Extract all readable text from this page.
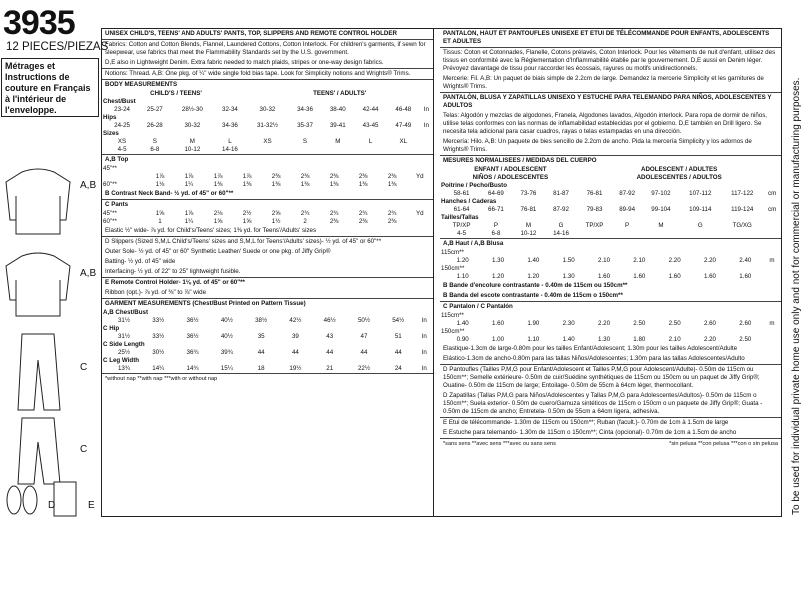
3935
12 PIECES/PIEZAS
Métrages et Instructions de couture en Français à l'intérieur de l'enveloppe.
A,B
A,B
C
C
D	E
UNISEX CHILD'S, TEENS' AND ADULTS' PANTS, TOP, SLIPPERS AND REMOTE CONTROL HOLDER
Fabrics: Cotton and Cotton Blends, Flannel, Laundered Cottons, Cotton Interlock. For children's garments, if sewn for sleepwear, use fabrics that meet the Flammability Standards set by the U.S. government.
D,E also in Lightweight Denim. Extra fabric needed to match plaids, stripes or one-way design fabrics.
Notions: Thread. A,B: One pkg. of ¼" wide single fold bias tape. Look for Simplicity notions and Wrights® Trims.
BODY MEASUREMENTS
	CHILD'S / TEENS'				TEENS' / ADULTS'					
Chest/Bust										
	23-24	25-27	28½-30	32-34	30-32	34-36	38-40	42-44	46-48	In
Hips										
	24-25	26-28	30-32	34-36	31-32½	35-37	39-41	43-45	47-49	In
Sizes										
	XS	S	M	L	XS	S	M	L	XL	
	4-5	6-8	10-12	14-16						
A,B Top
45"**										
	1⅞	1⅞	1⅞	1⅞	2⅜	2⅜	2⅜	2⅜	2⅜	Yd
60"**	1⅛	1¼	1⅜	1⅜	1⅜	1⅜	1⅜	1⅜	1⅜	
B Contrast Neck Band- ½ yd. of 45" or 60"**
C Pants
45"**	1⅝	1⅞	2⅛	2½	2⅝	2¾	2¾	2¾	2¾	Yd
60"**	1	1¼	1⅝	1⅝	1½	2	2⅜	2⅜	2⅜	
Elastic ½" wide- ⅞ yd. for Child's/Teens' sizes; 1⅜ yd. for Teens'/Adults' sizes
D Slippers (Sized S,M,L Child's/Teens' sizes and S,M,L for Teens'/Adults' sizes)- ½ yd. of 45" or 60"**
Outer Sole- ½ yd. of 45" or 60" Synthetic Leather/ Suede or one pkg. of Jiffy Grip®
Batting- ½ yd. of 45" wide
Interfacing- ½ yd. of 22" to 25" lightweight fusible.
E Remote Control Holder- 1⅛ yd. of 45" or 60"**
Ribbon (opt.)- ⅞ yd. of ⅜" to ⅞" wide
GARMENT MEASUREMENTS (Chest/Bust Printed on Pattern Tissue)
A,B Chest/Bust										
	31½	33½	36½	40½	38½	42½	46½	50½	54½	In
C Hip										
	31½	33½	36½	40½	35	39	43	47	51	In
C Side Length										
	25½	30½	36¾	39¾	44	44	44	44	44	In
C Leg Width										
	13¾	14¼	14¾	15¼	18	19½	21	22½	24	In
*without nap **with nap ***with or without nap
PANTALON, HAUT ET PANTOUFLES UNISEXE ET ETUI DE TÉLÉCOMMANDE POUR ENFANTS, ADOLESCENTS ET ADULTES
Tissus: Coton et Cotonnades, Flanelle, Cotons prélavés, Coton Interlock. Pour les vêtements de nuit d'enfant, utilisez des tissus en conformité avec la Réglementation d'Inflammabilité établie par le gouvernement. D,E aussi en Denim léger. Prévoyez davantage de tissu pour raccorder les écossais, rayures ou motifs unidirectionnels.
Mercerie: Fil. A,B: Un paquet de biais simple de 2.2cm de large. Demandez la mercerie Simplicity et les garnitures de Wrights® Trims.
PANTALÓN, BLUSA Y ZAPATILLAS UNISEXO Y ESTUCHE PARA TELEMANDO PARA NIÑOS, ADOLESCENTES Y ADULTOS
Telas: Algodón y mezclas de algodones, Franela, Algodones lavados, Algodón interlock. Para ropa de dormir de niños, utilise telas conformes con las normas de inflamabilidad establecidas por el gobierno. D,E también en Drill ligero. Se necesita tela adicional para casar cuadros, rayas o telas estampadas en una dirección.
Mercería: Hilo. A,B: Un paquete de bies sencillo de 2.2cm de ancho. Pida la mercería Simplicity y los adornos de Wrights® Trims.
MESURES NORMALISEES / MEDIDAS DEL CUERPO
	ENFANT / ADOLESCENT				ADOLESCENT / ADULTES					
	NIÑOS / ADOLESCENTES				ADOLESCENTES / ADULTOS					
Poitrine / Pecho/Busto										
	58-61	64-69	73-76	81-87	76-81	87-92	97-102	107-112	117-122	cm
Hanches / Caderas										
	61-64	66-71	76-81	87-92	79-83	89-94	99-104	109-114	119-124	cm
Tailles/Tallas										
	TP/XP	P	M	G	TP/XP	P	M	G	TG/XG	
	4-5	6-8	10-12	14-16						
A,B Haut / A,B Blusa
115cm**										
	1.20	1.30	1.40	1.50	2.10	2.10	2.20	2.20	2.40	m
150cm**										
	1.10	1.20	1.20	1.30	1.60	1.60	1.60	1.60	1.60	
B Bande d'encolure contrastante - 0.40m de 115cm ou 150cm**
B Banda del escote contrastante - 0.40m de 115cm o 150cm**
C Pantalon / C Pantalón
115cm**										
	1.40	1.60	1.90	2.30	2.20	2.50	2.50	2.60	2.60	m
150cm**										
	0.90	1.00	1.10	1.40	1.30	1.80	2.10	2.20	2.50	
Elastique-1.3cm de large-0.80m pour les tailles Enfant/Adolescent; 1.30m pour les tailles Adolescent/Adulte
Elástico-1.3cm de ancho-0.80m para las tallas Niños/Adolescentes; 1.30m para las tallas Adolescentes/Adulto
D Pantoufles (Tailles P,M,G pour Enfant/Adolescent et Tailles P,M,G pour Adolescent/Adulte)- 0.50m de 115cm ou 150cm**; Semelle extérieure- 0.50m de cuir/Suédine synthétiques de 115cm ou 150cm ou un paquet de Jiffy Grip®; Ouatine- 0.50m de 115cm de large; Entoilage- 0.50m de 55cm à 64cm léger, thermocollant.
D Zapatillas (Tallas P,M,G para Niños/Adolescentes y Tallas P,M,G para Adolescentes/Adultos)- 0.50m de 115cm o 150cm**; Suela exterior- 0.50m de cuero/Gamuza sintéticos de 115cm o 150cm o un paquete de Jiffy Grip®; Guata - 0.50m de 115cm de ancho; Entretela- 0.50m de 55cm a 64cm ligera, adhesiva.
E Etui de télécommande- 1.30m de 115cm ou 150cm**; Ruban (facult.)- 0.70m de 1cm à 1.5cm de large
E Estuche para telemando- 1.30m de 115cm o 150cm**; Cinta (opcional)- 0.70m de 1cm a 1.5cm de ancho
*sans sens **avec sens ***avec ou sans sens	*sin pelusa **con pelusa ***con o sin pelusa To be used for individual private home use only and not for commercial or manufacturing purposes.
